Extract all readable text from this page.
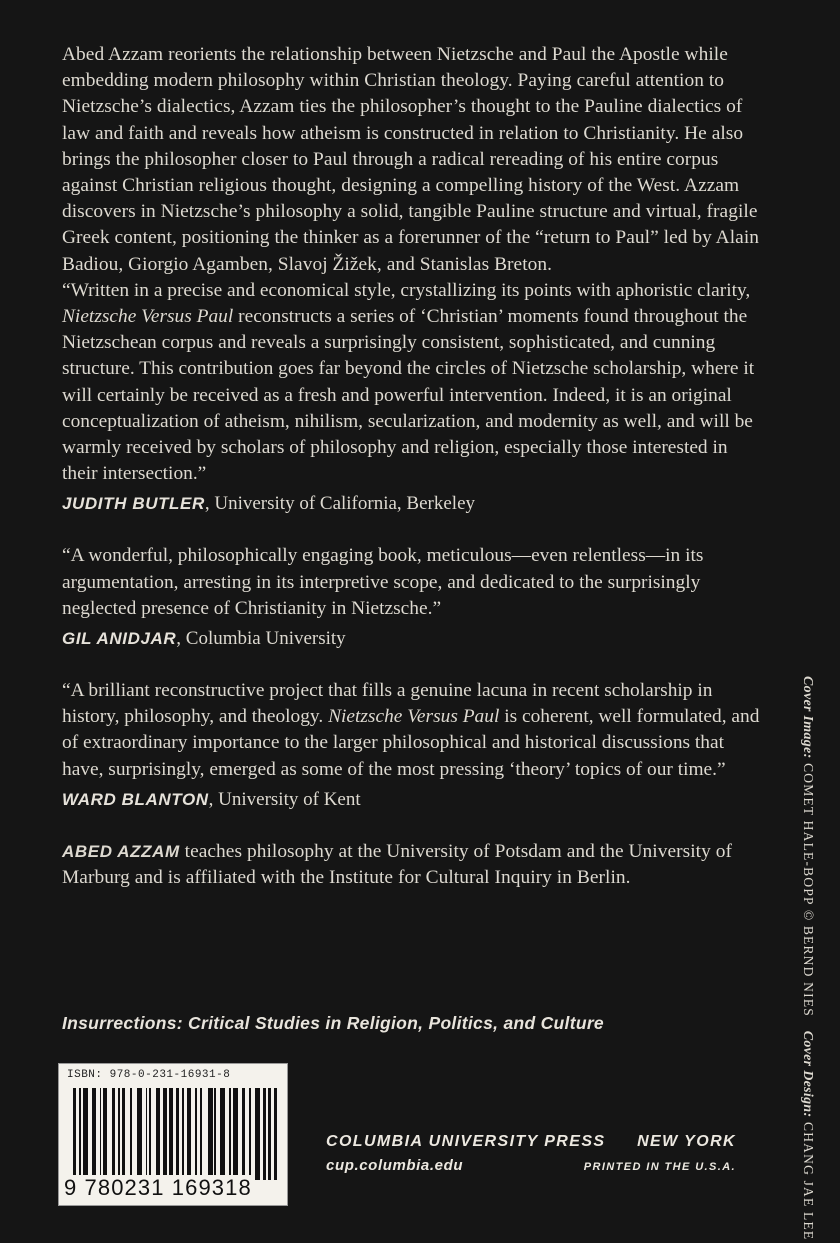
Abed Azzam reorients the relationship between Nietzsche and Paul the Apostle while embedding modern philosophy within Christian theology. Paying careful attention to Nietzsche’s dialectics, Azzam ties the philosopher’s thought to the Pauline dialectics of law and faith and reveals how atheism is constructed in relation to Christianity. He also brings the philosopher closer to Paul through a radical rereading of his entire corpus against Christian religious thought, designing a compelling history of the West. Azzam discovers in Nietzsche’s philosophy a solid, tangible Pauline structure and virtual, fragile Greek content, positioning the thinker as a forerunner of the “return to Paul” led by Alain Badiou, Giorgio Agamben, Slavoj Žižek, and Stanislas Breton.

“Written in a precise and economical style, crystallizing its points with aphoristic clarity, Nietzsche Versus Paul reconstructs a series of ‘Christian’ moments found throughout the Nietzschean corpus and reveals a surprisingly consistent, sophisticated, and cunning structure. This contribution goes far beyond the circles of Nietzsche scholarship, where it will certainly be received as a fresh and powerful intervention. Indeed, it is an original conceptualization of atheism, nihilism, secularization, and modernity as well, and will be warmly received by scholars of philosophy and religion, especially those interested in their intersection.”

JUDITH BUTLER, University of California, Berkeley

“A wonderful, philosophically engaging book, meticulous—even relentless—in its argumentation, arresting in its interpretive scope, and dedicated to the surprisingly neglected presence of Christianity in Nietzsche.”

GIL ANIDJAR, Columbia University

“A brilliant reconstructive project that fills a genuine lacuna in recent scholarship in history, philosophy, and theology. Nietzsche Versus Paul is coherent, well formulated, and of extraordinary importance to the larger philosophical and historical discussions that have, surprisingly, emerged as some of the most pressing ‘theory’ topics of our time.”

WARD BLANTON, University of Kent

ABED AZZAM teaches philosophy at the University of Potsdam and the University of Marburg and is affiliated with the Institute for Cultural Inquiry in Berlin.

Insurrections: Critical Studies in Religion, Politics, and Culture
ISBN: 978-0-231-16931-8
9 780231 169318
COLUMBIA UNIVERSITY PRESS NEW YORK
cup.columbia.edu	PRINTED IN THE U.S.A.
Cover Image: COMET HALE-BOPP © BERND NIES   Cover Design: CHANG JAE LEE
